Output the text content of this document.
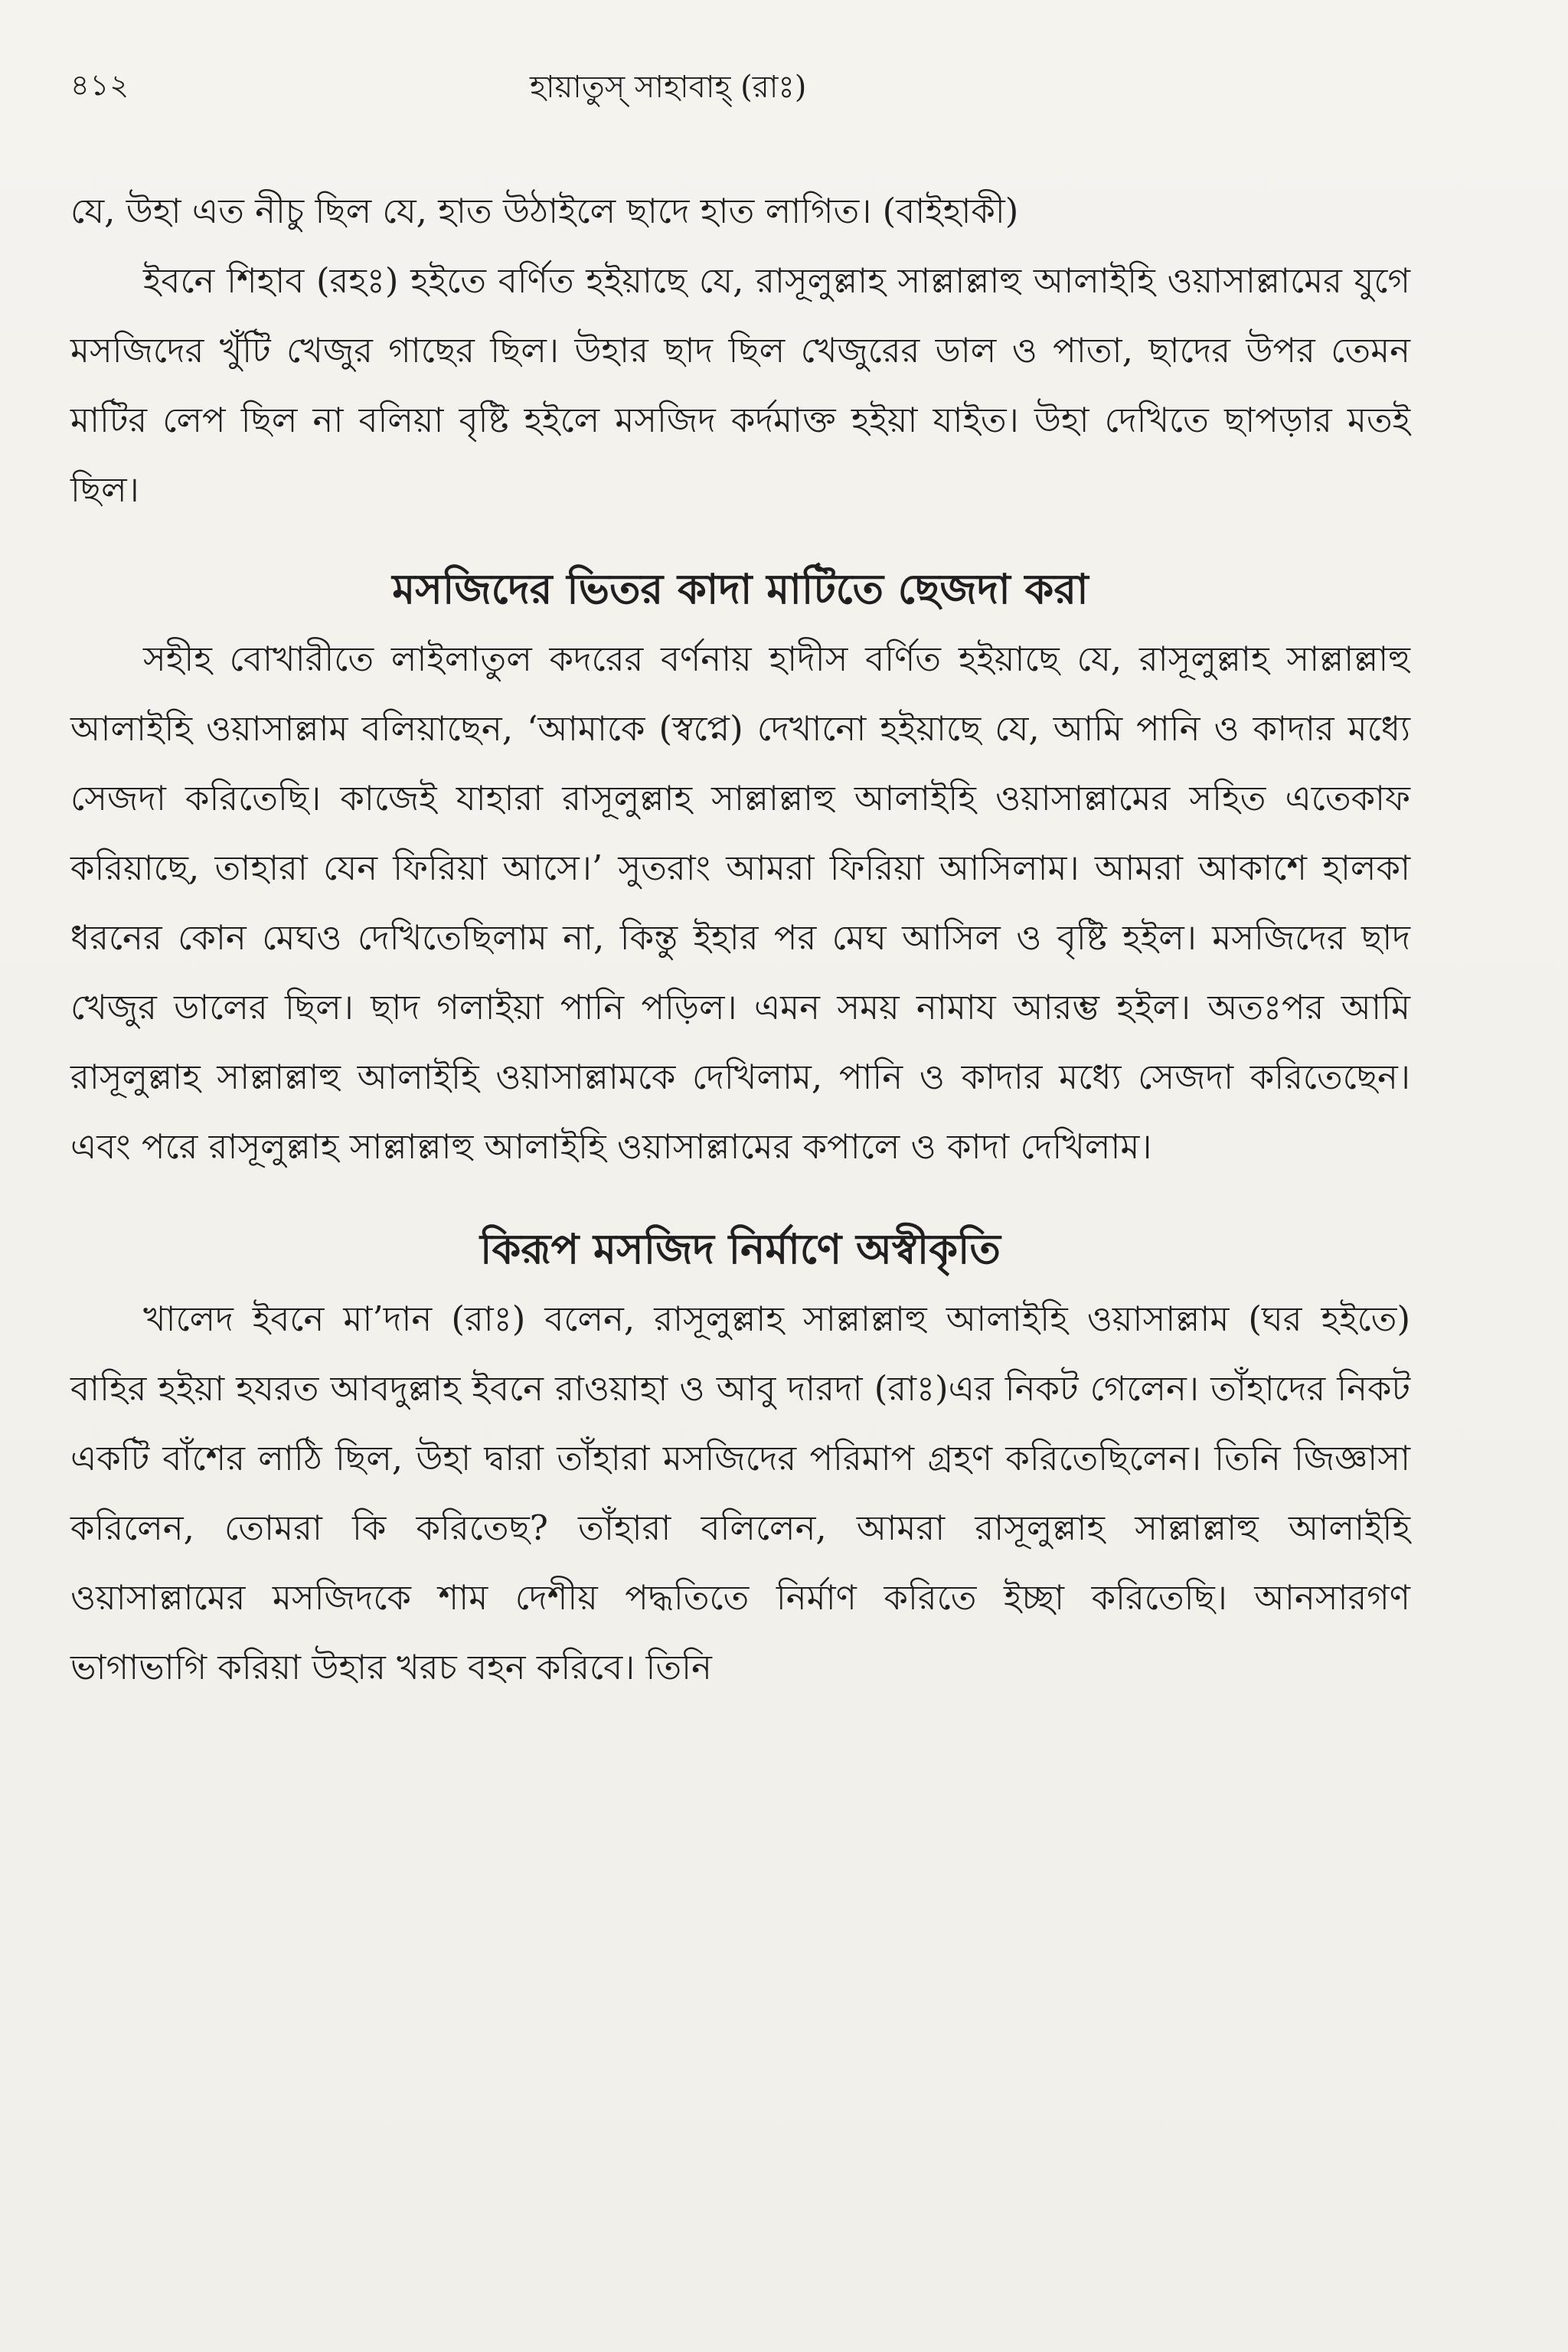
৪১২	হায়াতুস্ সাহাবাহ্ (রাঃ)

যে, উহা এত নীচু ছিল যে, হাত উঠাইলে ছাদে হাত লাগিত। (বাইহাকী)

ইবনে শিহাব (রহঃ) হইতে বর্ণিত হইয়াছে যে, রাসূলুল্লাহ সাল্লাল্লাহু আলাইহি ওয়াসাল্লামের যুগে মসজিদের খুঁটি খেজুর গাছের ছিল। উহার ছাদ ছিল খেজুরের ডাল ও পাতা, ছাদের উপর তেমন মাটির লেপ ছিল না বলিয়া বৃষ্টি হইলে মসজিদ কর্দমাক্ত হইয়া যাইত। উহা দেখিতে ছাপড়ার মতই ছিল।

মসজিদের ভিতর কাদা মাটিতে ছেজদা করা

সহীহ বোখারীতে লাইলাতুল কদরের বর্ণনায় হাদীস বর্ণিত হইয়াছে যে, রাসূলুল্লাহ সাল্লাল্লাহু আলাইহি ওয়াসাল্লাম বলিয়াছেন, ‘আমাকে (স্বপ্নে) দেখানো হইয়াছে যে, আমি পানি ও কাদার মধ্যে সেজদা করিতেছি। কাজেই যাহারা রাসূলুল্লাহ সাল্লাল্লাহু আলাইহি ওয়াসাল্লামের সহিত এতেকাফ করিয়াছে, তাহারা যেন ফিরিয়া আসে।’ সুতরাং আমরা ফিরিয়া আসিলাম। আমরা আকাশে হালকা ধরনের কোন মেঘও দেখিতেছিলাম না, কিন্তু ইহার পর মেঘ আসিল ও বৃষ্টি হইল। মসজিদের ছাদ খেজুর ডালের ছিল। ছাদ গলাইয়া পানি পড়িল। এমন সময় নামায আরম্ভ হইল। অতঃপর আমি রাসূলুল্লাহ সাল্লাল্লাহু আলাইহি ওয়াসাল্লামকে দেখিলাম, পানি ও কাদার মধ্যে সেজদা করিতেছেন। এবং পরে রাসূলুল্লাহ সাল্লাল্লাহু আলাইহি ওয়াসাল্লামের কপালে ও কাদা দেখিলাম।

কিরূপ মসজিদ নির্মাণে অস্বীকৃতি

খালেদ ইবনে মা’দান (রাঃ) বলেন, রাসূলুল্লাহ সাল্লাল্লাহু আলাইহি ওয়াসাল্লাম (ঘর হইতে) বাহির হইয়া হযরত আবদুল্লাহ ইবনে রাওয়াহা ও আবু দারদা (রাঃ)এর নিকট গেলেন। তাঁহাদের নিকট একটি বাঁশের লাঠি ছিল, উহা দ্বারা তাঁহারা মসজিদের পরিমাপ গ্রহণ করিতেছিলেন। তিনি জিজ্ঞাসা করিলেন, তোমরা কি করিতেছ? তাঁহারা বলিলেন, আমরা রাসূলুল্লাহ সাল্লাল্লাহু আলাইহি ওয়াসাল্লামের মসজিদকে শাম দেশীয় পদ্ধতিতে নির্মাণ করিতে ইচ্ছা করিতেছি। আনসারগণ ভাগাভাগি করিয়া উহার খরচ বহন করিবে। তিনি
